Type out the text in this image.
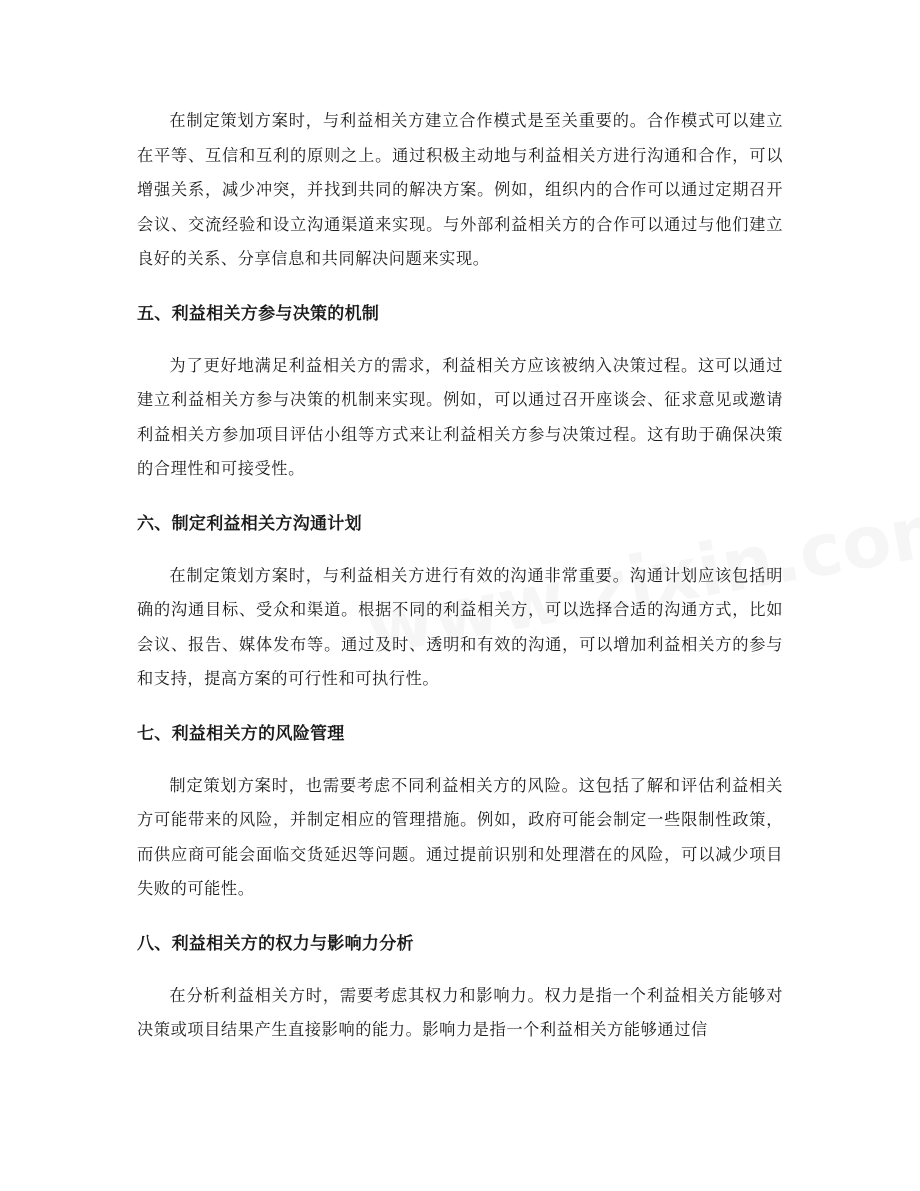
在制定策划方案时，与利益相关方建立合作模式是至关重要的。合作模式可以建立在平等、互信和互利的原则之上。通过积极主动地与利益相关方进行沟通和合作，可以增强关系，减少冲突，并找到共同的解决方案。例如，组织内的合作可以通过定期召开会议、交流经验和设立沟通渠道来实现。与外部利益相关方的合作可以通过与他们建立良好的关系、分享信息和共同解决问题来实现。

五、利益相关方参与决策的机制

为了更好地满足利益相关方的需求，利益相关方应该被纳入决策过程。这可以通过建立利益相关方参与决策的机制来实现。例如，可以通过召开座谈会、征求意见或邀请利益相关方参加项目评估小组等方式来让利益相关方参与决策过程。这有助于确保决策的合理性和可接受性。

六、制定利益相关方沟通计划

在制定策划方案时，与利益相关方进行有效的沟通非常重要。沟通计划应该包括明确的沟通目标、受众和渠道。根据不同的利益相关方，可以选择合适的沟通方式，比如会议、报告、媒体发布等。通过及时、透明和有效的沟通，可以增加利益相关方的参与和支持，提高方案的可行性和可执行性。

七、利益相关方的风险管理

制定策划方案时，也需要考虑不同利益相关方的风险。这包括了解和评估利益相关方可能带来的风险，并制定相应的管理措施。例如，政府可能会制定一些限制性政策，而供应商可能会面临交货延迟等问题。通过提前识别和处理潜在的风险，可以减少项目失败的可能性。

八、利益相关方的权力与影响力分析

在分析利益相关方时，需要考虑其权力和影响力。权力是指一个利益相关方能够对决策或项目结果产生直接影响的能力。影响力是指一个利益相关方能够通过信
